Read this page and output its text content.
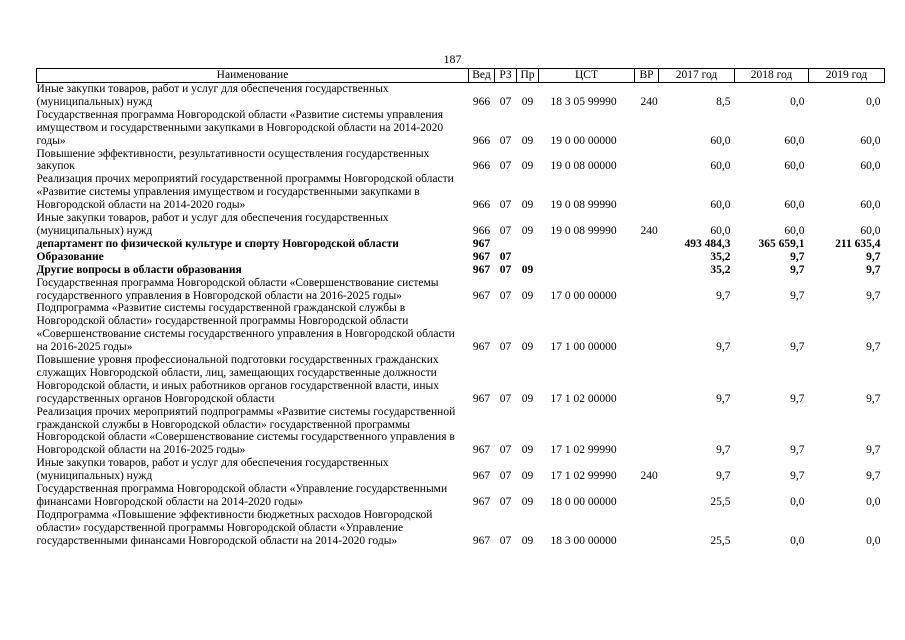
187
Наименование	Вед	РЗ	Пр	ЦСТ	ВР	2017 год	2018 год	2019 год
Иные закупки товаров, работ и услуг для обеспечения государственных (муниципальных) нужд	966	07	09	18 3 05 99990	240	8,5	0,0	0,0
Государственная программа Новгородской области «Развитие системы управления имуществом и государственными закупками в Новгородской области на 2014-2020 годы»	966	07	09	19 0 00 00000		60,0	60,0	60,0
Повышение эффективности, результативности осуществления государственных закупок	966	07	09	19 0 08 00000		60,0	60,0	60,0
Реализация прочих мероприятий государственной программы Новгородской области «Развитие системы управления имуществом и государственными закупками в Новгородской области на 2014-2020 годы»	966	07	09	19 0 08 99990		60,0	60,0	60,0
Иные закупки товаров, работ и услуг для обеспечения государственных (муниципальных) нужд	966	07	09	19 0 08 99990	240	60,0	60,0	60,0
департамент по физической культуре и спорту Новгородской области	967					493 484,3	365 659,1	211 635,4
Образование	967	07				35,2	9,7	9,7
Другие вопросы в области образования	967	07	09			35,2	9,7	9,7
Государственная программа Новгородской области «Совершенствование системы государственного управления в Новгородской области на 2016-2025 годы»	967	07	09	17 0 00 00000		9,7	9,7	9,7
Подпрограмма «Развитие системы государственной гражданской службы в Новгородской области» государственной программы Новгородской области «Совершенствование системы государственного управления в Новгородской области на 2016-2025 годы»	967	07	09	17 1 00 00000		9,7	9,7	9,7
Повышение уровня профессиональной подготовки государственных гражданских служащих Новгородской области, лиц, замещающих государственные должности Новгородской области, и иных работников органов государственной власти, иных государственных органов Новгородской области	967	07	09	17 1 02 00000		9,7	9,7	9,7
Реализация прочих мероприятий подпрограммы «Развитие системы государственной гражданской службы в Новгородской области» государственной программы Новгородской области «Совершенствование системы государственного управления в Новгородской области на 2016-2025 годы»	967	07	09	17 1 02 99990		9,7	9,7	9,7
Иные закупки товаров, работ и услуг для обеспечения государственных (муниципальных) нужд	967	07	09	17 1 02 99990	240	9,7	9,7	9,7
Государственная программа Новгородской области «Управление государственными финансами Новгородской области на 2014-2020 годы»	967	07	09	18 0 00 00000		25,5	0,0	0,0
Подпрограмма «Повышение эффективности бюджетных расходов Новгородской области» государственной программы Новгородской области «Управление государственными финансами Новгородской области на 2014-2020 годы»	967	07	09	18 3 00 00000		25,5	0,0	0,0
